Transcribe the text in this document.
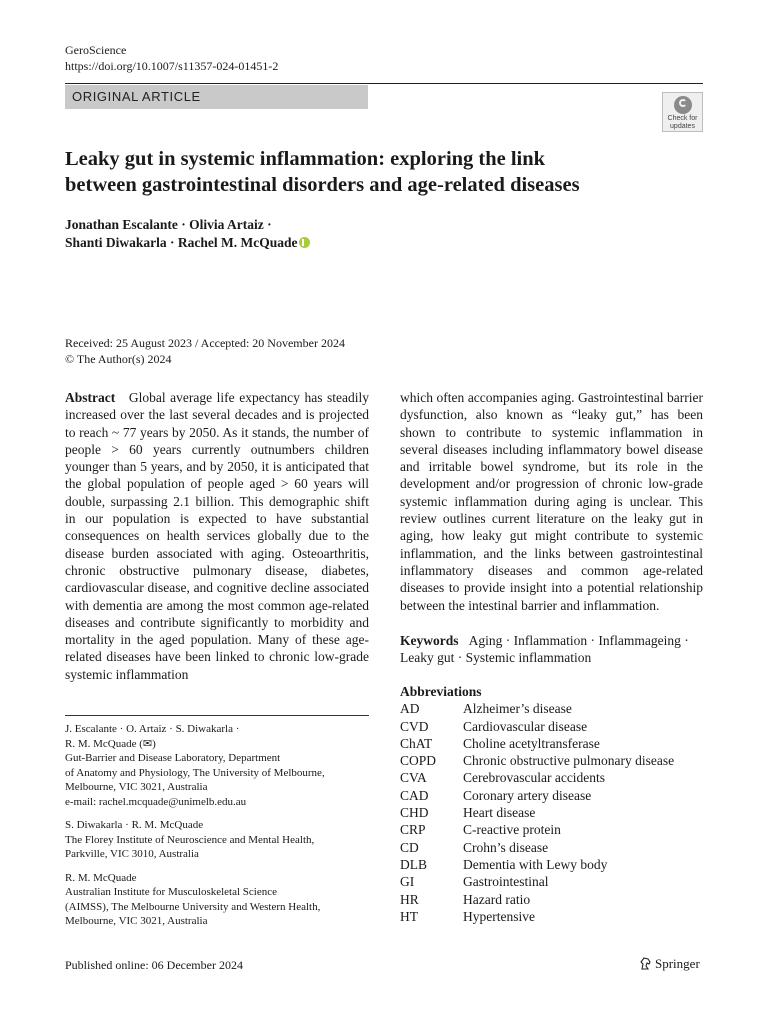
GeroScience
https://doi.org/10.1007/s11357-024-01451-2
ORIGINAL ARTICLE
Check for
updates
Leaky gut in systemic inflammation: exploring the link
between gastrointestinal disorders and age-related diseases
Jonathan Escalante · Olivia Artaiz ·
Shanti Diwakarla · Rachel M. McQuade
Received: 25 August 2023 / Accepted: 20 November 2024
© The Author(s) 2024
Abstract Global average life expectancy has steadily increased over the last several decades and is projected to reach ~ 77 years by 2050. As it stands, the number of people > 60 years currently outnumbers children younger than 5 years, and by 2050, it is anticipated that the global population of people aged > 60 years will double, surpassing 2.1 billion. This demographic shift in our population is expected to have substantial consequences on health services globally due to the disease burden associated with aging. Osteoarthritis, chronic obstructive pulmonary disease, diabetes, cardiovascular disease, and cognitive decline associated with dementia are among the most common age-related diseases and contribute significantly to morbidity and mortality in the aged population. Many of these age-related diseases have been linked to chronic low-grade systemic inflammation
which often accompanies aging. Gastrointestinal barrier dysfunction, also known as “leaky gut,” has been shown to contribute to systemic inflammation in several diseases including inflammatory bowel disease and irritable bowel syndrome, but its role in the development and/or progression of chronic low-grade systemic inflammation during aging is unclear. This review outlines current literature on the leaky gut in aging, how leaky gut might contribute to systemic inflammation, and the links between gastrointestinal inflammatory diseases and common age-related diseases to provide insight into a potential relationship between the intestinal barrier and inflammation.
Keywords Aging · Inflammation · Inflammageing · Leaky gut · Systemic inflammation
Abbreviations
AD	Alzheimer’s disease
CVD	Cardiovascular disease
ChAT	Choline acetyltransferase
COPD	Chronic obstructive pulmonary disease
CVA	Cerebrovascular accidents
CAD	Coronary artery disease
CHD	Heart disease
CRP	C-reactive protein
CD	Crohn’s disease
DLB	Dementia with Lewy body
GI	Gastrointestinal
HR	Hazard ratio
HT	Hypertensive
J. Escalante · O. Artaiz · S. Diwakarla ·
R. M. McQuade (✉)
Gut-Barrier and Disease Laboratory, Department
of Anatomy and Physiology, The University of Melbourne,
Melbourne, VIC 3021, Australia
e-mail: rachel.mcquade@unimelb.edu.au
S. Diwakarla · R. M. McQuade
The Florey Institute of Neuroscience and Mental Health,
Parkville, VIC 3010, Australia
R. M. McQuade
Australian Institute for Musculoskeletal Science
(AIMSS), The Melbourne University and Western Health,
Melbourne, VIC 3021, Australia
Published online: 06 December 2024	Springer
